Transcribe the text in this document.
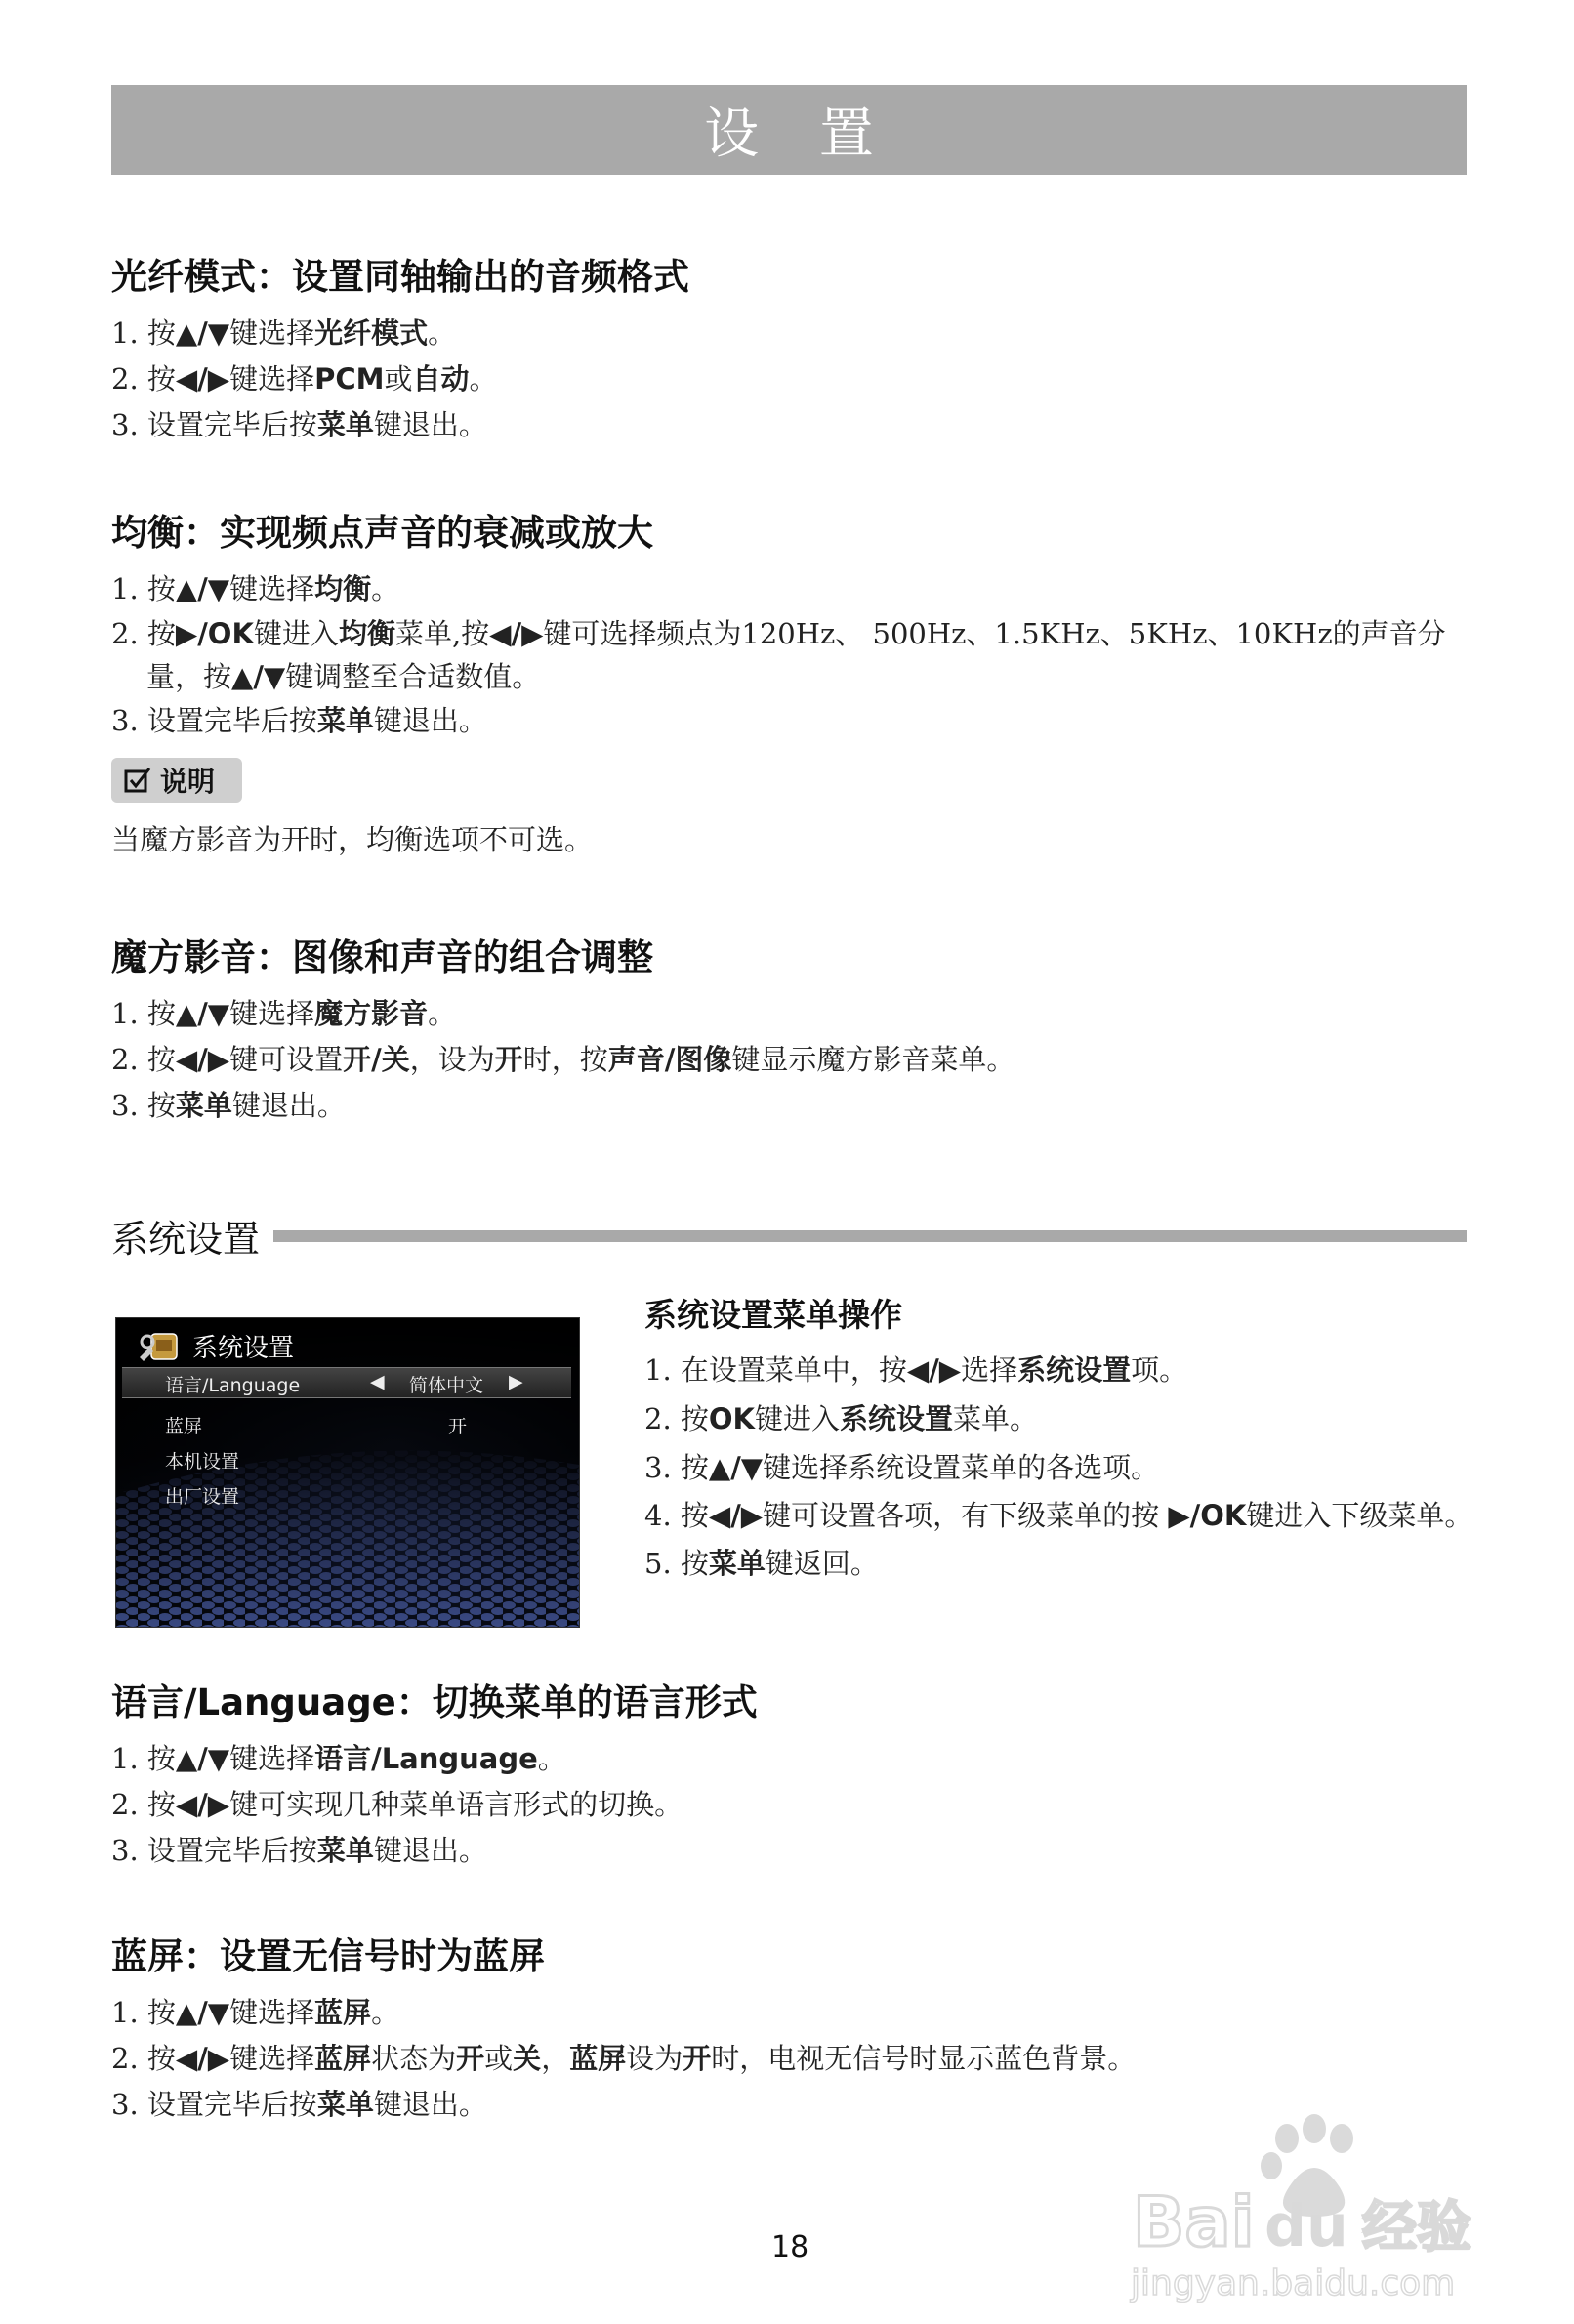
设 置
光纤模式：设置同轴输出的音频格式
1. 按▲/▼键选择光纤模式。
2. 按◀/▶键选择PCM或自动。
3. 设置完毕后按菜单键退出。
均衡：实现频点声音的衰减或放大
1. 按▲/▼键选择均衡。
2. 按▶/OK键进入均衡菜单,按◀/▶键可选择频点为120Hz、 500Hz、1.5KHz、5KHz、10KHz的声音分量，按▲/▼键调整至合适数值。
3. 设置完毕后按菜单键退出。
说明
当魔方影音为开时，均衡选项不可选。
魔方影音：图像和声音的组合调整
1. 按▲/▼键选择魔方影音。
2. 按◀/▶键可设置开/关，设为开时，按声音/图像键显示魔方影音菜单。
3. 按菜单键退出。
系统设置
系统设置
语言/Language	◀ 简体中文 ▶
蓝屏	开
本机设置
出厂设置
系统设置菜单操作
1. 在设置菜单中，按◀/▶选择系统设置项。
2. 按OK键进入系统设置菜单。
3. 按▲/▼键选择系统设置菜单的各选项。
4. 按◀/▶键可设置各项，有下级菜单的按 ▶/OK键进入下级菜单。
5. 按菜单键返回。
语言/Language：切换菜单的语言形式
1. 按▲/▼键选择语言/Language。
2. 按◀/▶键可实现几种菜单语言形式的切换。
3. 设置完毕后按菜单键退出。
蓝屏：设置无信号时为蓝屏
1. 按▲/▼键选择蓝屏。
2. 按◀/▶键选择蓝屏状态为开或关，蓝屏设为开时，电视无信号时显示蓝色背景。
3. 设置完毕后按菜单键退出。
18	Bai du 经验
jingyan.baidu.com
